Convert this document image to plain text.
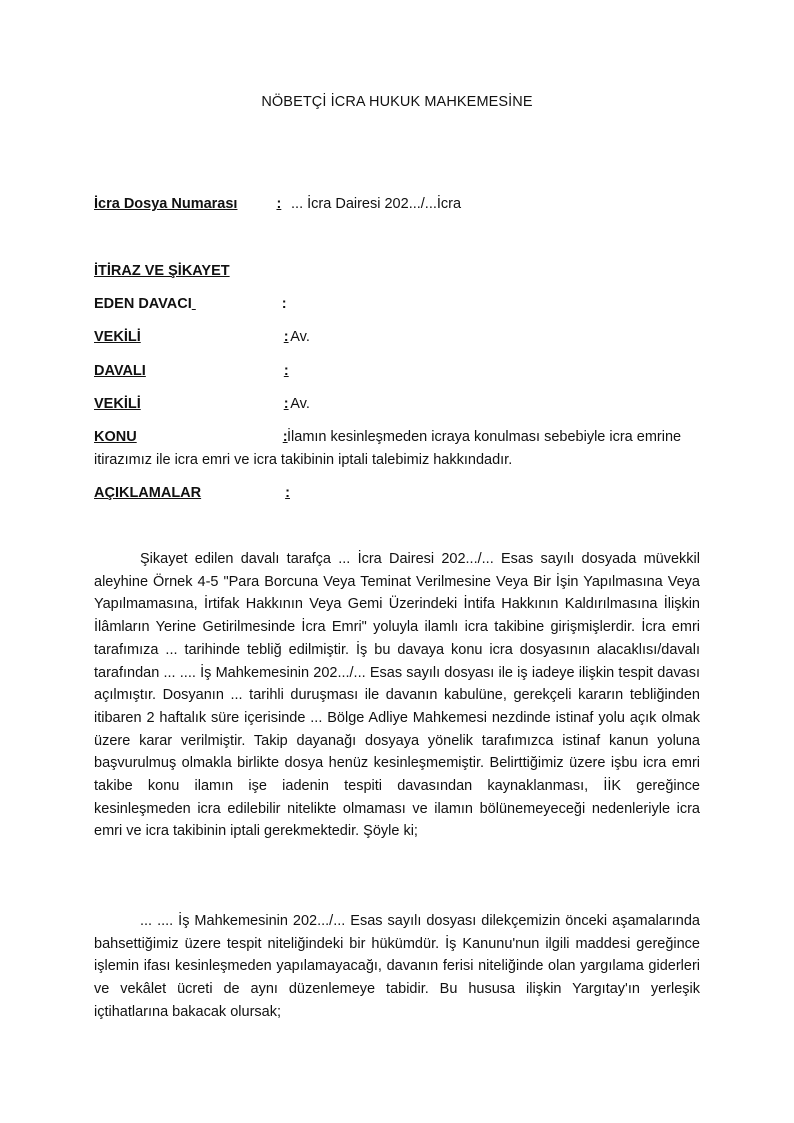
NÖBETÇİ İCRA HUKUK MAHKEMESİNE
İcra Dosya Numarası	: ... İcra Dairesi 202.../...İcra
İTİRAZ VE ŞİKAYET
EDEN DAVACI	:
VEKİLİ	: Av.
DAVALI	:
VEKİLİ	: Av.
KONU	:İlamın kesinleşmeden icraya konulması sebebiyle icra emrine itirazımız ile icra emri ve icra takibinin iptali talebimiz hakkındadır.
AÇIKLAMALAR	:

Şikayet edilen davalı tarafça ... İcra Dairesi 202.../... Esas sayılı dosyada müvekkil aleyhine Örnek 4-5 "Para Borcuna Veya Teminat Verilmesine Veya Bir İşin Yapılmasına Veya Yapılmamasına, İrtifak Hakkının Veya Gemi Üzerindeki İntifa Hakkının Kaldırılmasına İlişkin İlâmların Yerine Getirilmesinde İcra Emri" yoluyla ilamlı icra takibine girişmişlerdir. İcra emri tarafımıza ... tarihinde tebliğ edilmiştir. İş bu davaya konu icra dosyasının alacaklısı/davalı tarafından ... .... İş Mahkemesinin 202.../... Esas sayılı dosyası ile iş iadeye ilişkin tespit davası açılmıştır. Dosyanın ... tarihli duruşması ile davanın kabulüne, gerekçeli kararın tebliğinden itibaren 2 haftalık süre içerisinde ... Bölge Adliye Mahkemesi nezdinde istinaf yolu açık olmak üzere karar verilmiştir. Takip dayanağı dosyaya yönelik tarafımızca istinaf kanun yoluna başvurulmuş olmakla birlikte dosya henüz kesinleşmemiştir. Belirttiğimiz üzere işbu icra emri takibe konu ilamın işe iadenin tespiti davasından kaynaklanması, İİK gereğince kesinleşmeden icra edilebilir nitelikte olmaması ve ilamın bölünemeyeceği nedenleriyle icra emri ve icra takibinin iptali gerekmektedir. Şöyle ki;

... .... İş Mahkemesinin 202.../... Esas sayılı dosyası dilekçemizin önceki aşamalarında bahsettiğimiz üzere tespit niteliğindeki bir hükümdür. İş Kanunu'nun ilgili maddesi gereğince işlemin ifası kesinleşmeden yapılamayacağı, davanın ferisi niteliğinde olan yargılama giderleri ve vekâlet ücreti de aynı düzenlemeye tabidir. Bu hususa ilişkin Yargıtay'ın yerleşik içtihatlarına bakacak olursak;
